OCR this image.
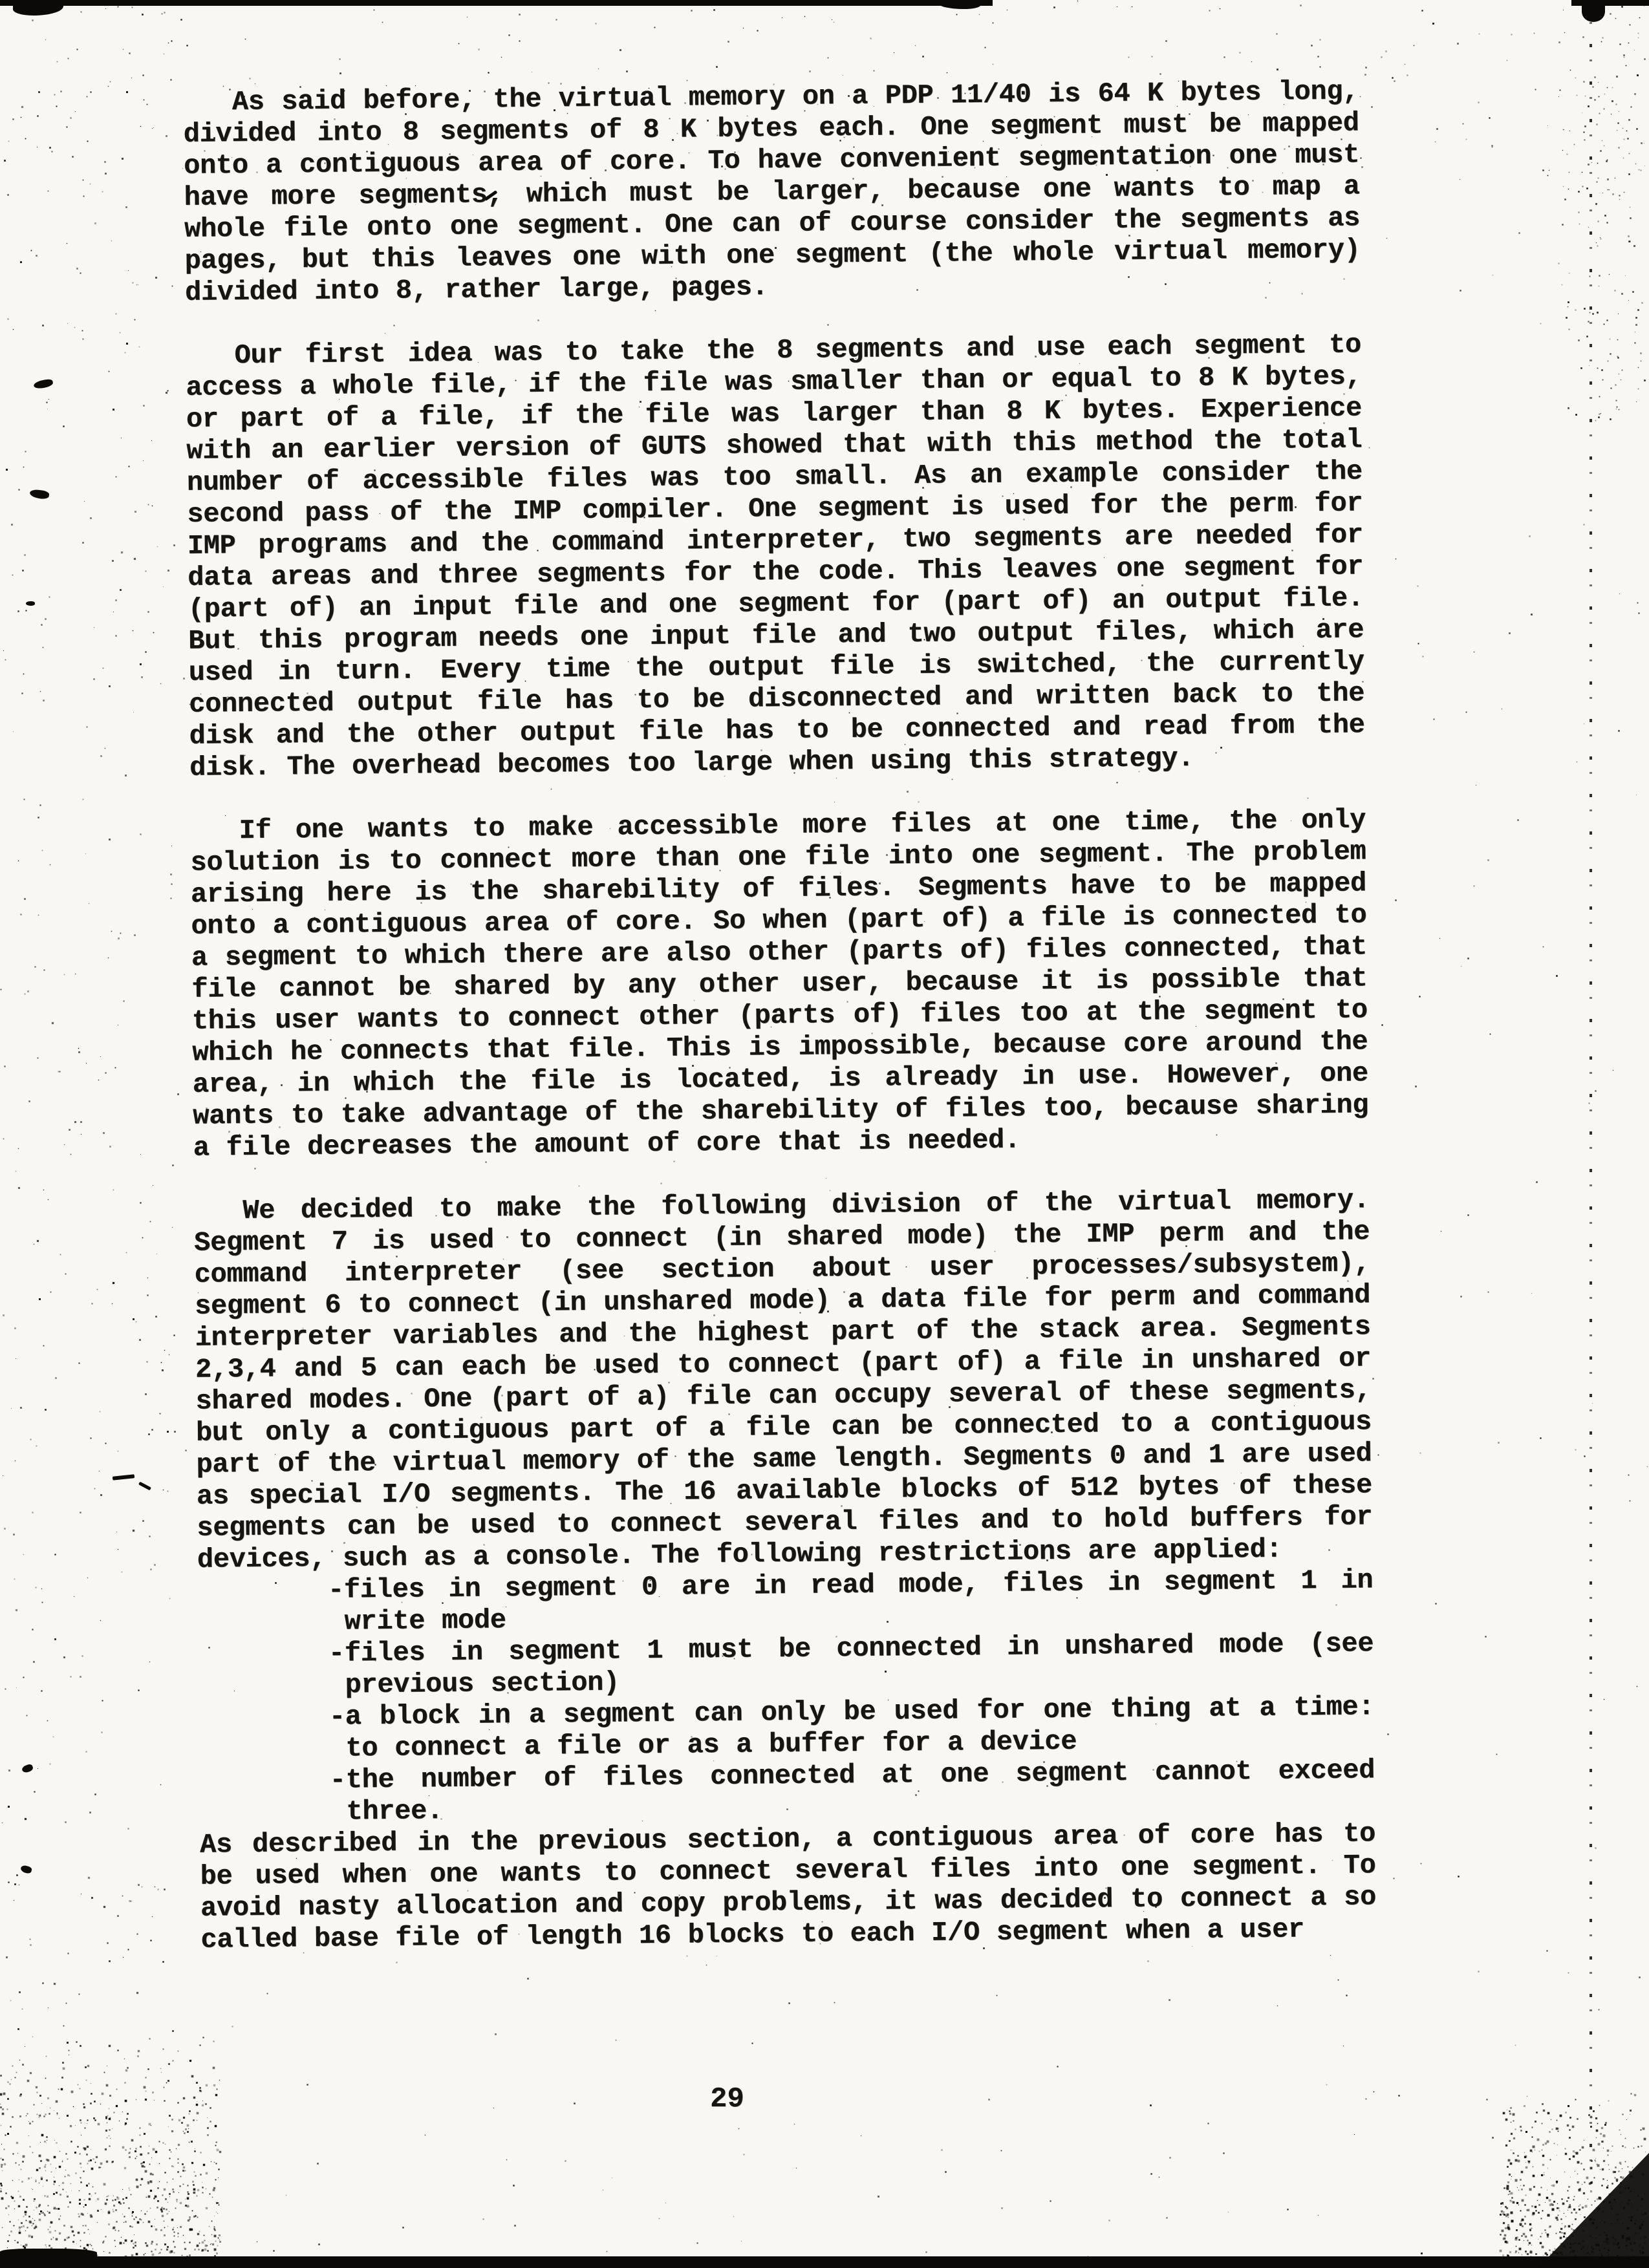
As said before, the virtual memory on a PDP 11/40 is 64 K bytes long, divided into 8 segments of 8 K bytes each. One segment must be mapped onto a contiguous area of core. To have convenient segmentation one must have more segments, which must be larger, because one wants to map a whole file onto one segment. One can of course consider the segments as pages, but this leaves one with one segment (the whole virtual memory) divided into 8, rather large, pages.

Our first idea was to take the 8 segments and use each segment to access a whole file, if the file was smaller than or equal to 8 K bytes, or part of a file, if the file was larger than 8 K bytes. Experience with an earlier version of GUTS showed that with this method the total number of accessible files was too small. As an example consider the second pass of the IMP compiler. One segment is used for the perm for IMP programs and the command interpreter, two segments are needed for data areas and three segments for the code. This leaves one segment for (part of) an input file and one segment for (part of) an output file. But this program needs one input file and two output files, which are used in turn. Every time the output file is switched, the currently connected output file has to be disconnected and written back to the disk and the other output file has to be connected and read from the disk. The overhead becomes too large when using this strategy.

If one wants to make accessible more files at one time, the only solution is to connect more than one file into one segment. The problem arising here is the sharebility of files. Segments have to be mapped onto a contiguous area of core. So when (part of) a file is connected to a segment to which there are also other (parts of) files connected, that file cannot be shared by any other user, because it is possible that this user wants to connect other (parts of) files too at the segment to which he connects that file. This is impossible, because core around the area, in which the file is located, is already in use. However, one wants to take advantage of the sharebility of files too, because sharing a file decreases the amount of core that is needed.

We decided to make the following division of the virtual memory. Segment 7 is used to connect (in shared mode) the IMP perm and the command interpreter (see section about user processes/subsystem), segment 6 to connect (in unshared mode) a data file for perm and command interpreter variables and the highest part of the stack area. Segments 2,3,4 and 5 can each be used to connect (part of) a file in unshared or shared modes. One (part of a) file can occupy several of these segments, but only a contiguous part of a file can be connected to a contiguous part of the virtual memory of the same length. Segments 0 and 1 are used as special I/O segments. The 16 available blocks of 512 bytes of these segments can be used to connect several files and to hold buffers for devices, such as a console. The following restrictions are applied:

-files in segment 0 are in read mode, files in segment 1 in write mode
-files in segment 1 must be connected in unshared mode (see previous section)
-a block in a segment can only be used for one thing at a time: to connect a file or as a buffer for a device
-the number of files connected at one segment cannot exceed three.

As described in the previous section, a contiguous area of core has to be used when one wants to connect several files into one segment. To avoid nasty allocation and copy problems, it was decided to connect a so called base file of length 16 blocks to each I/O segment when a user

29
